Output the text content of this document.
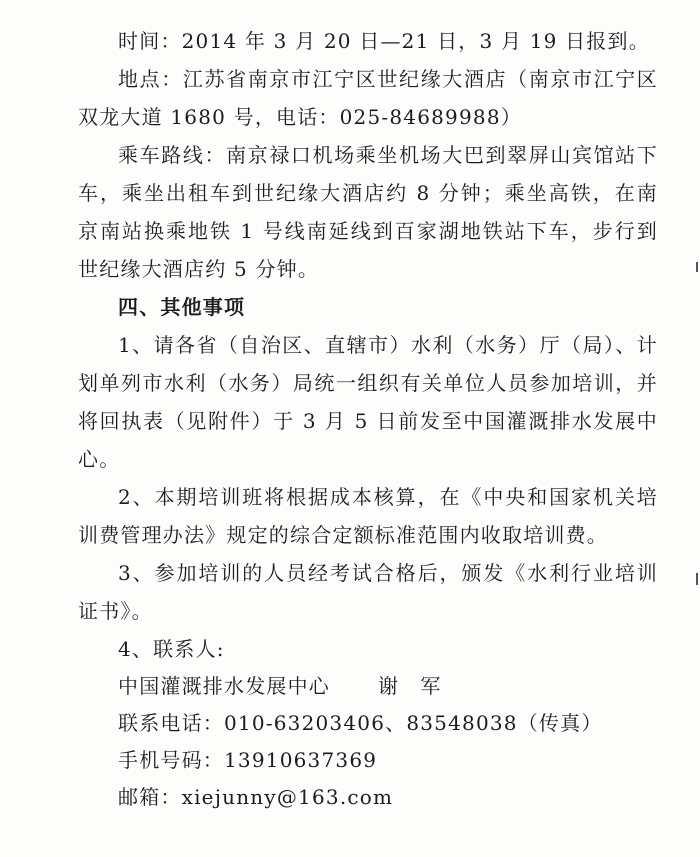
时间：2014 年 3 月 20 日—21 日，3 月 19 日报到。

地点：江苏省南京市江宁区世纪缘大酒店（南京市江宁区双龙大道 1680 号，电话：025-84689988）

乘车路线：南京禄口机场乘坐机场大巴到翠屏山宾馆站下车，乘坐出租车到世纪缘大酒店约 8 分钟；乘坐高铁，在南京南站换乘地铁 1 号线南延线到百家湖地铁站下车，步行到世纪缘大酒店约 5 分钟。

四、其他事项

1、请各省（自治区、直辖市）水利（水务）厅（局）、计划单列市水利（水务）局统一组织有关单位人员参加培训，并将回执表（见附件）于 3 月 5 日前发至中国灌溉排水发展中心。

2、本期培训班将根据成本核算，在《中央和国家机关培训费管理办法》规定的综合定额标准范围内收取培训费。

3、参加培训的人员经考试合格后，颁发《水利行业培训证书》。

4、联系人:

中国灌溉排水发展中心 谢　军

联系电话：010-63203406、83548038（传真）

手机号码：13910637369

邮箱：xiejunny@163.com
